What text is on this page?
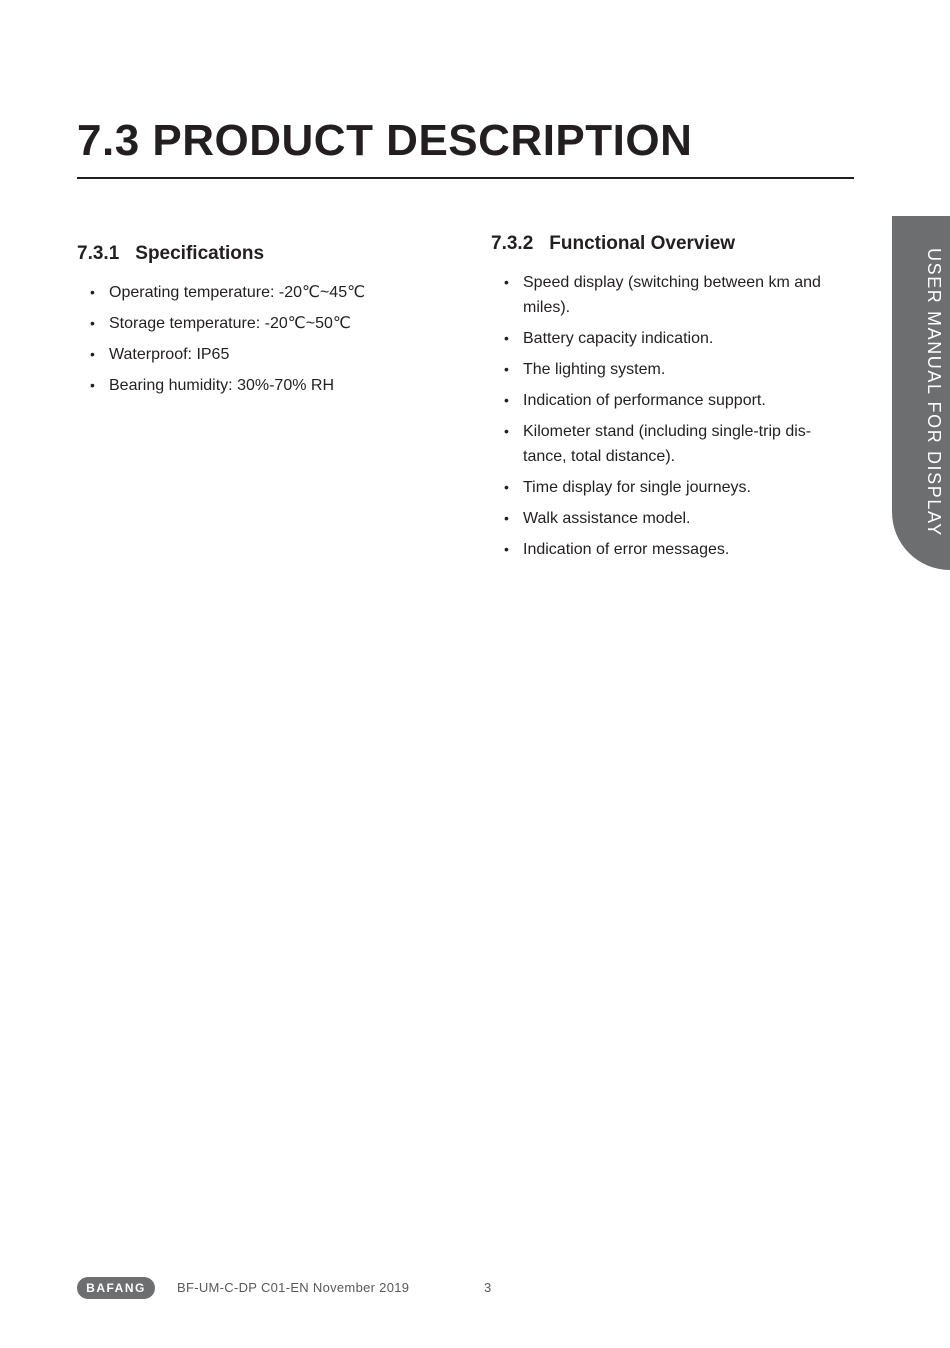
7.3 PRODUCT DESCRIPTION
7.3.1 Specifications
• Operating temperature: -20℃~45℃
• Storage temperature: -20℃~50℃
• Waterproof: IP65
• Bearing humidity: 30%-70% RH
7.3.2 Functional Overview
• Speed display (switching between km and miles).
• Battery capacity indication.
• The lighting system.
• Indication of performance support.
• Kilometer stand (including single-trip dis-tance, total distance).
• Time display for single journeys.
• Walk assistance model.
• Indication of error messages.
USER MANUAL FOR DISPLAY
BAFANG	BF-UM-C-DP C01-EN November 2019	3
